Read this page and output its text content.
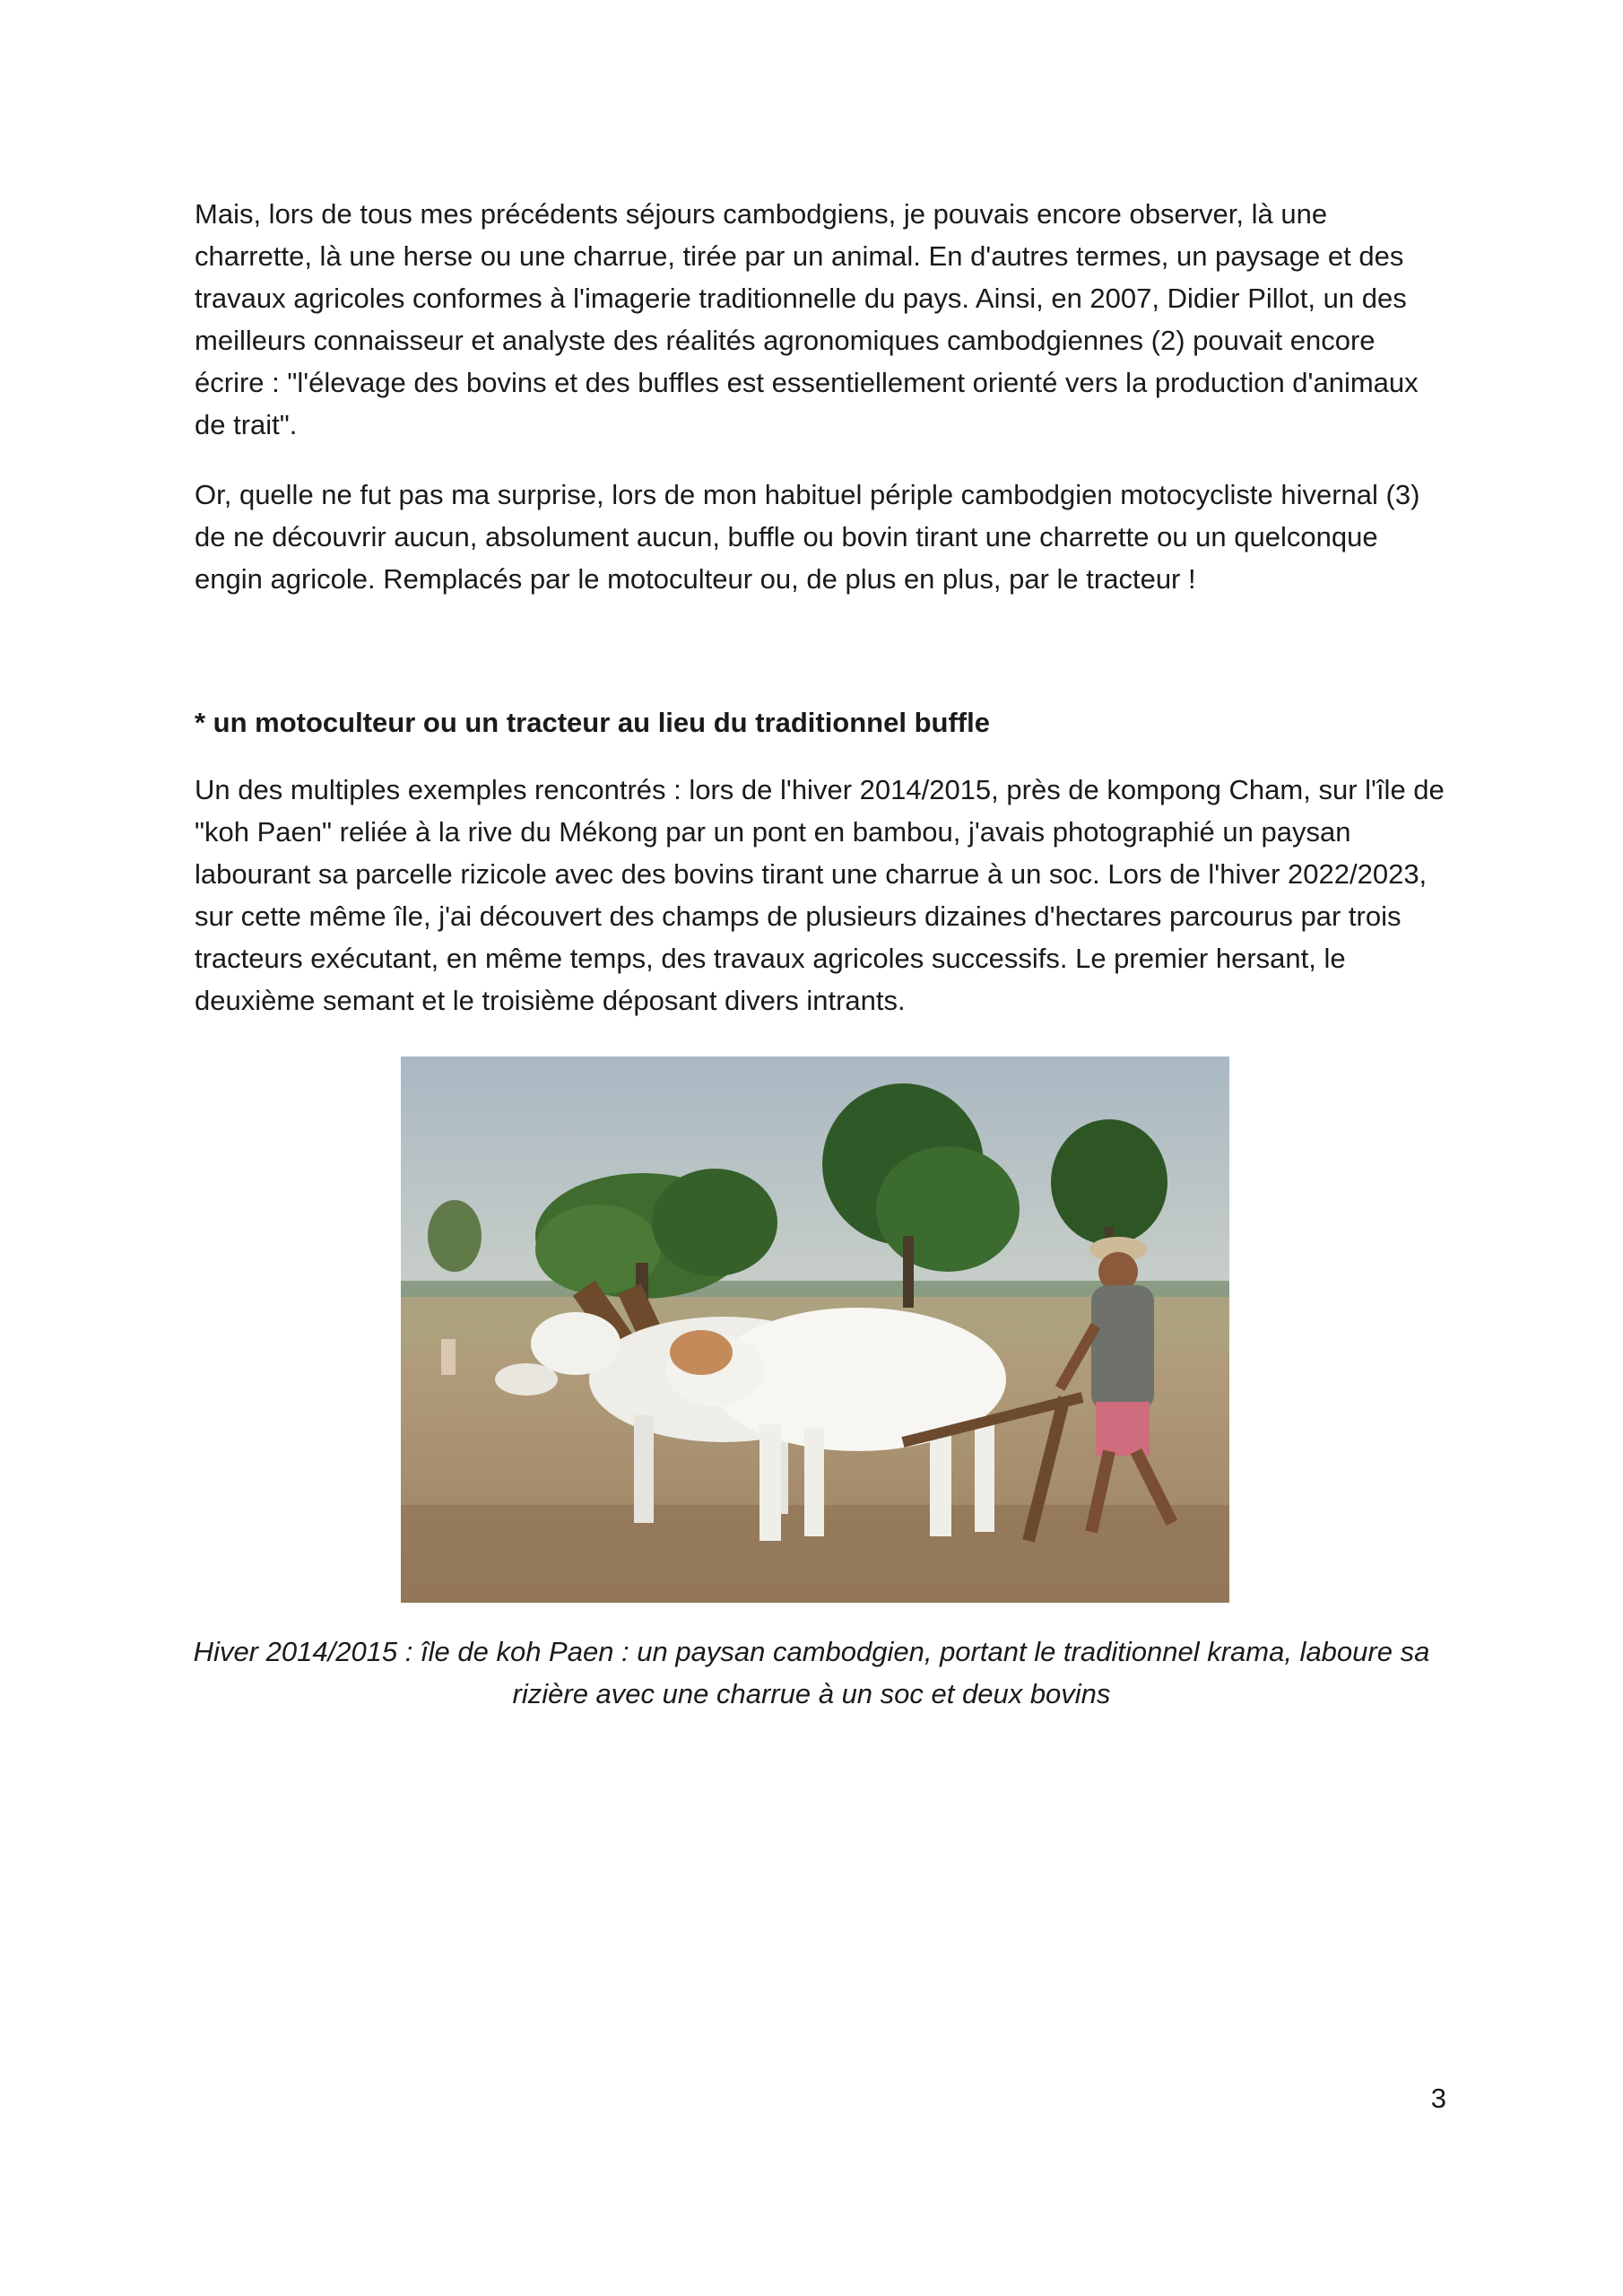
Mais, lors de tous mes précédents séjours cambodgiens, je pouvais encore observer, là une charrette, là une herse ou une charrue, tirée par un animal. En d'autres termes, un paysage et des travaux agricoles conformes à l'imagerie traditionnelle du pays. Ainsi, en 2007, Didier Pillot, un des meilleurs connaisseur et analyste des réalités agronomiques cambodgiennes (2) pouvait encore écrire : "l'élevage des bovins et des buffles est essentiellement orienté vers la production d'animaux de trait".

Or, quelle ne fut pas ma surprise, lors de mon habituel périple cambodgien motocycliste hivernal (3) de ne découvrir aucun, absolument aucun, buffle ou bovin tirant une charrette ou un quelconque engin agricole. Remplacés par le motoculteur ou, de plus en plus, par le tracteur !

* un motoculteur ou un tracteur au lieu du traditionnel buffle

Un des multiples exemples rencontrés : lors de l'hiver 2014/2015, près de kompong Cham, sur l'île de "koh Paen" reliée à la rive du Mékong par un pont en bambou, j'avais photographié un paysan labourant sa parcelle rizicole avec des bovins tirant une charrue à un soc. Lors de l'hiver 2022/2023, sur cette même île, j'ai découvert des champs de plusieurs dizaines d'hectares parcourus par trois tracteurs exécutant, en même temps, des travaux agricoles successifs. Le premier hersant, le deuxième semant et le troisième déposant divers intrants.

Hiver 2014/2015 : île de koh Paen : un paysan cambodgien, portant le traditionnel krama, laboure sa rizière avec une charrue à un soc et deux bovins

3
